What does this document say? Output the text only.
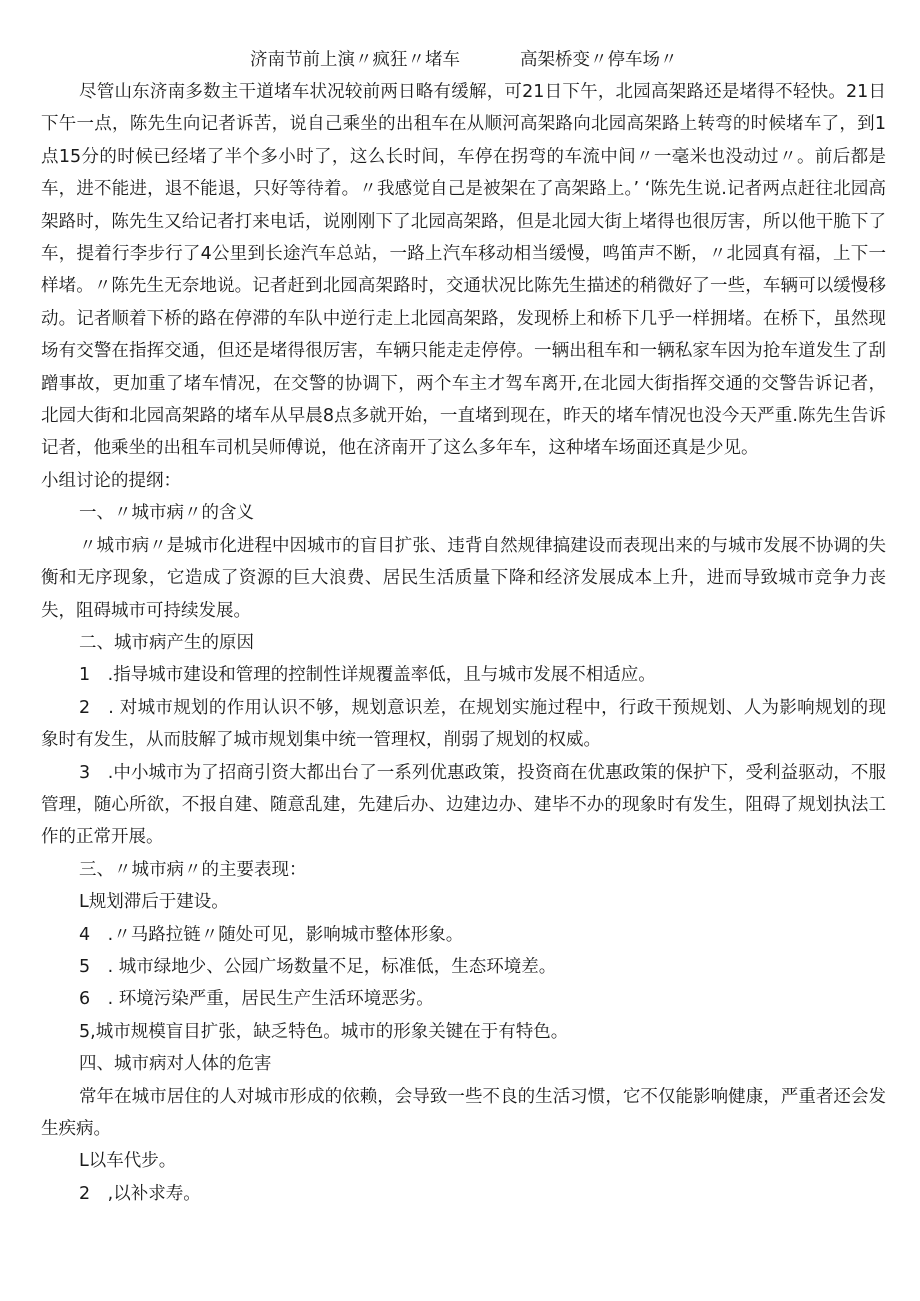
济南节前上演〃疯狂〃堵车	高架桥变〃停车场〃

尽管山东济南多数主干道堵车状况较前两日略有缓解，可21日下午，北园高架路还是堵得不轻快。21日下午一点，陈先生向记者诉苦，说自己乘坐的出租车在从顺河高架路向北园高架路上转弯的时候堵车了，到1点15分的时候已经堵了半个多小时了，这么长时间，车停在拐弯的车流中间〃一毫米也没动过〃。前后都是车，进不能进，退不能退，只好等待着。〃我感觉自己是被架在了高架路上。’ ‘陈先生说.记者两点赶往北园高架路时，陈先生又给记者打来电话，说刚刚下了北园高架路，但是北园大街上堵得也很厉害，所以他干脆下了车，提着行李步行了4公里到长途汽车总站，一路上汽车移动相当缓慢，鸣笛声不断，〃北园真有福，上下一样堵。〃陈先生无奈地说。记者赶到北园高架路时，交通状况比陈先生描述的稍微好了一些，车辆可以缓慢移动。记者顺着下桥的路在停滞的车队中逆行走上北园高架路，发现桥上和桥下几乎一样拥堵。在桥下，虽然现场有交警在指挥交通，但还是堵得很厉害，车辆只能走走停停。一辆出租车和一辆私家车因为抢车道发生了刮蹭事故，更加重了堵车情况，在交警的协调下，两个车主才驾车离开,在北园大街指挥交通的交警告诉记者，北园大街和北园高架路的堵车从早晨8点多就开始，一直堵到现在，昨天的堵车情况也没今天严重.陈先生告诉记者，他乘坐的出租车司机吴师傅说，他在济南开了这么多年车，这种堵车场面还真是少见。

小组讨论的提纲：

一、〃城市病〃的含义

〃城市病〃是城市化进程中因城市的盲目扩张、违背自然规律搞建设而表现出来的与城市发展不协调的失衡和无序现象，它造成了资源的巨大浪费、居民生活质量下降和经济发展成本上升，进而导致城市竞争力丧失，阻碍城市可持续发展。

二、城市病产生的原因

1　.指导城市建设和管理的控制性详规覆盖率低，且与城市发展不相适应。

2　. 对城市规划的作用认识不够，规划意识差，在规划实施过程中，行政干预规划、人为影响规划的现象时有发生，从而肢解了城市规划集中统一管理权，削弱了规划的权威。

3　.中小城市为了招商引资大都出台了一系列优惠政策，投资商在优惠政策的保护下，受利益驱动，不服管理，随心所欲，不报自建、随意乱建，先建后办、边建边办、建毕不办的现象时有发生，阻碍了规划执法工作的正常开展。

三、〃城市病〃的主要表现：

L规划滞后于建设。

4　.〃马路拉链〃随处可见，影响城市整体形象。

5　. 城市绿地少、公园广场数量不足，标准低，生态环境差。

6　. 环境污染严重，居民生产生活环境恶劣。

5,城市规模盲目扩张，缺乏特色。城市的形象关键在于有特色。

四、城市病对人体的危害

常年在城市居住的人对城市形成的依赖，会导致一些不良的生活习惯，它不仅能影响健康，严重者还会发生疾病。

L以车代步。

2　,以补求寿。
